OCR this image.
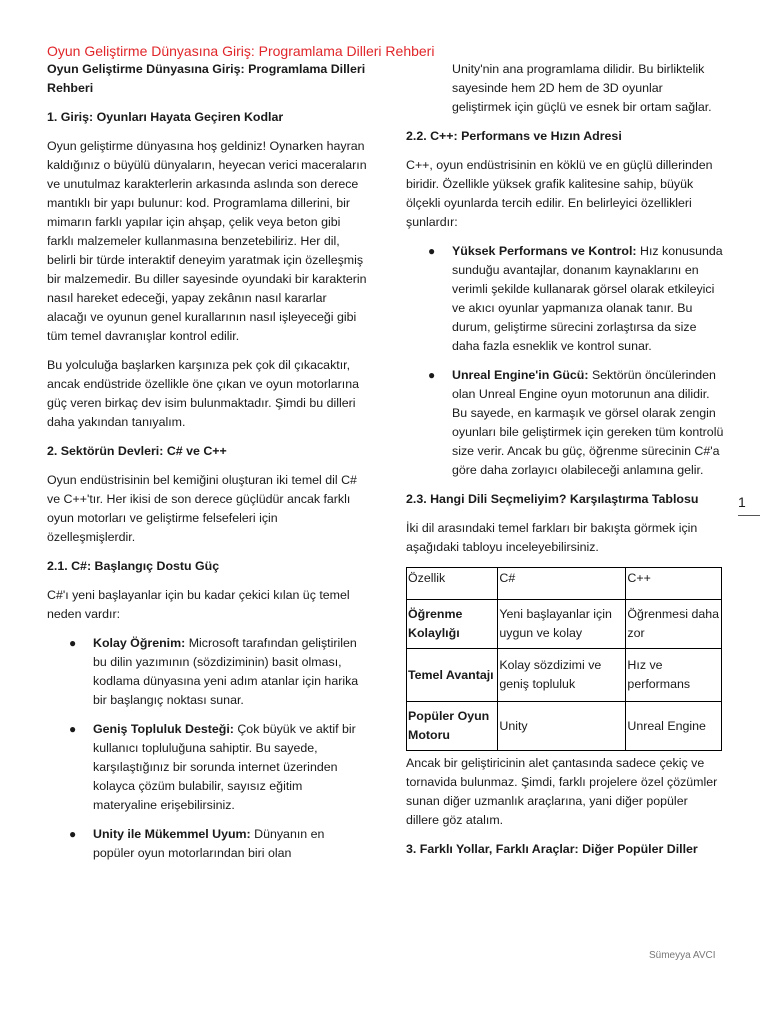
Oyun Geliştirme Dünyasına Giriş: Programlama Dilleri Rehberi
Oyun Geliştirme Dünyasına Giriş: Programlama Dilleri Rehberi
1. Giriş: Oyunları Hayata Geçiren Kodlar

Oyun geliştirme dünyasına hoş geldiniz! Oynarken hayran kaldığınız o büyülü dünyaların, heyecan verici maceraların ve unutulmaz karakterlerin arkasında aslında son derece mantıklı bir yapı bulunur: kod. Programlama dillerini, bir mimarın farklı yapılar için ahşap, çelik veya beton gibi farklı malzemeler kullanmasına benzetebiliriz. Her dil, belirli bir türde interaktif deneyim yaratmak için özelleşmiş bir malzemedir. Bu diller sayesinde oyundaki bir karakterin nasıl hareket edeceği, yapay zekânın nasıl kararlar alacağı ve oyunun genel kurallarının nasıl işleyeceği gibi tüm temel davranışlar kontrol edilir.

Bu yolculuğa başlarken karşınıza pek çok dil çıkacaktır, ancak endüstride özellikle öne çıkan ve oyun motorlarına güç veren birkaç dev isim bulunmaktadır. Şimdi bu dilleri daha yakından tanıyalım.

2. Sektörün Devleri: C# ve C++

Oyun endüstrisinin bel kemiğini oluşturan iki temel dil C# ve C++'tır. Her ikisi de son derece güçlüdür ancak farklı oyun motorları ve geliştirme felsefeleri için özelleşmişlerdir.

2.1. C#: Başlangıç Dostu Güç

C#'ı yeni başlayanlar için bu kadar çekici kılan üç temel neden vardır:

● Kolay Öğrenim: Microsoft tarafından geliştirilen bu dilin yazımının (sözdiziminin) basit olması, kodlama dünyasına yeni adım atanlar için harika bir başlangıç noktası sunar.
● Geniş Topluluk Desteği: Çok büyük ve aktif bir kullanıcı topluluğuna sahiptir. Bu sayede, karşılaştığınız bir sorunda internet üzerinden kolayca çözüm bulabilir, sayısız eğitim materyaline erişebilirsiniz.
● Unity ile Mükemmel Uyum: Dünyanın en popüler oyun motorlarından biri olan

Unity'nin ana programlama dilidir. Bu birliktelik sayesinde hem 2D hem de 3D oyunlar geliştirmek için güçlü ve esnek bir ortam sağlar.

2.2. C++: Performans ve Hızın Adresi

C++, oyun endüstrisinin en köklü ve en güçlü dillerinden biridir. Özellikle yüksek grafik kalitesine sahip, büyük ölçekli oyunlarda tercih edilir. En belirleyici özellikleri şunlardır:

● Yüksek Performans ve Kontrol: Hız konusunda sunduğu avantajlar, donanım kaynaklarını en verimli şekilde kullanarak görsel olarak etkileyici ve akıcı oyunlar yapmanıza olanak tanır. Bu durum, geliştirme sürecini zorlaştırsa da size daha fazla esneklik ve kontrol sunar.
● Unreal Engine'in Gücü: Sektörün öncülerinden olan Unreal Engine oyun motorunun ana dilidir. Bu sayede, en karmaşık ve görsel olarak zengin oyunları bile geliştirmek için gereken tüm kontrolü size verir. Ancak bu güç, öğrenme sürecinin C#'a göre daha zorlayıcı olabileceği anlamına gelir.
2.3. Hangi Dili Seçmeliyim? Karşılaştırma Tablosu

İki dil arasındaki temel farkları bir bakışta görmek için aşağıdaki tabloyu inceleyebilirsiniz.

Özellik	C#	C++
Öğrenme Kolaylığı	Yeni başlayanlar için uygun ve kolay	Öğrenmesi daha zor
Temel Avantajı	Kolay sözdizimi ve geniş topluluk	Hız ve performans
Popüler Oyun Motoru	Unity	Unreal Engine

Ancak bir geliştiricinin alet çantasında sadece çekiç ve tornavida bulunmaz. Şimdi, farklı projelere özel çözümler sunan diğer uzmanlık araçlarına, yani diğer popüler dillere göz atalım.

3. Farklı Yollar, Farklı Araçlar: Diğer Popüler Diller
1
Sümeyya AVCI
